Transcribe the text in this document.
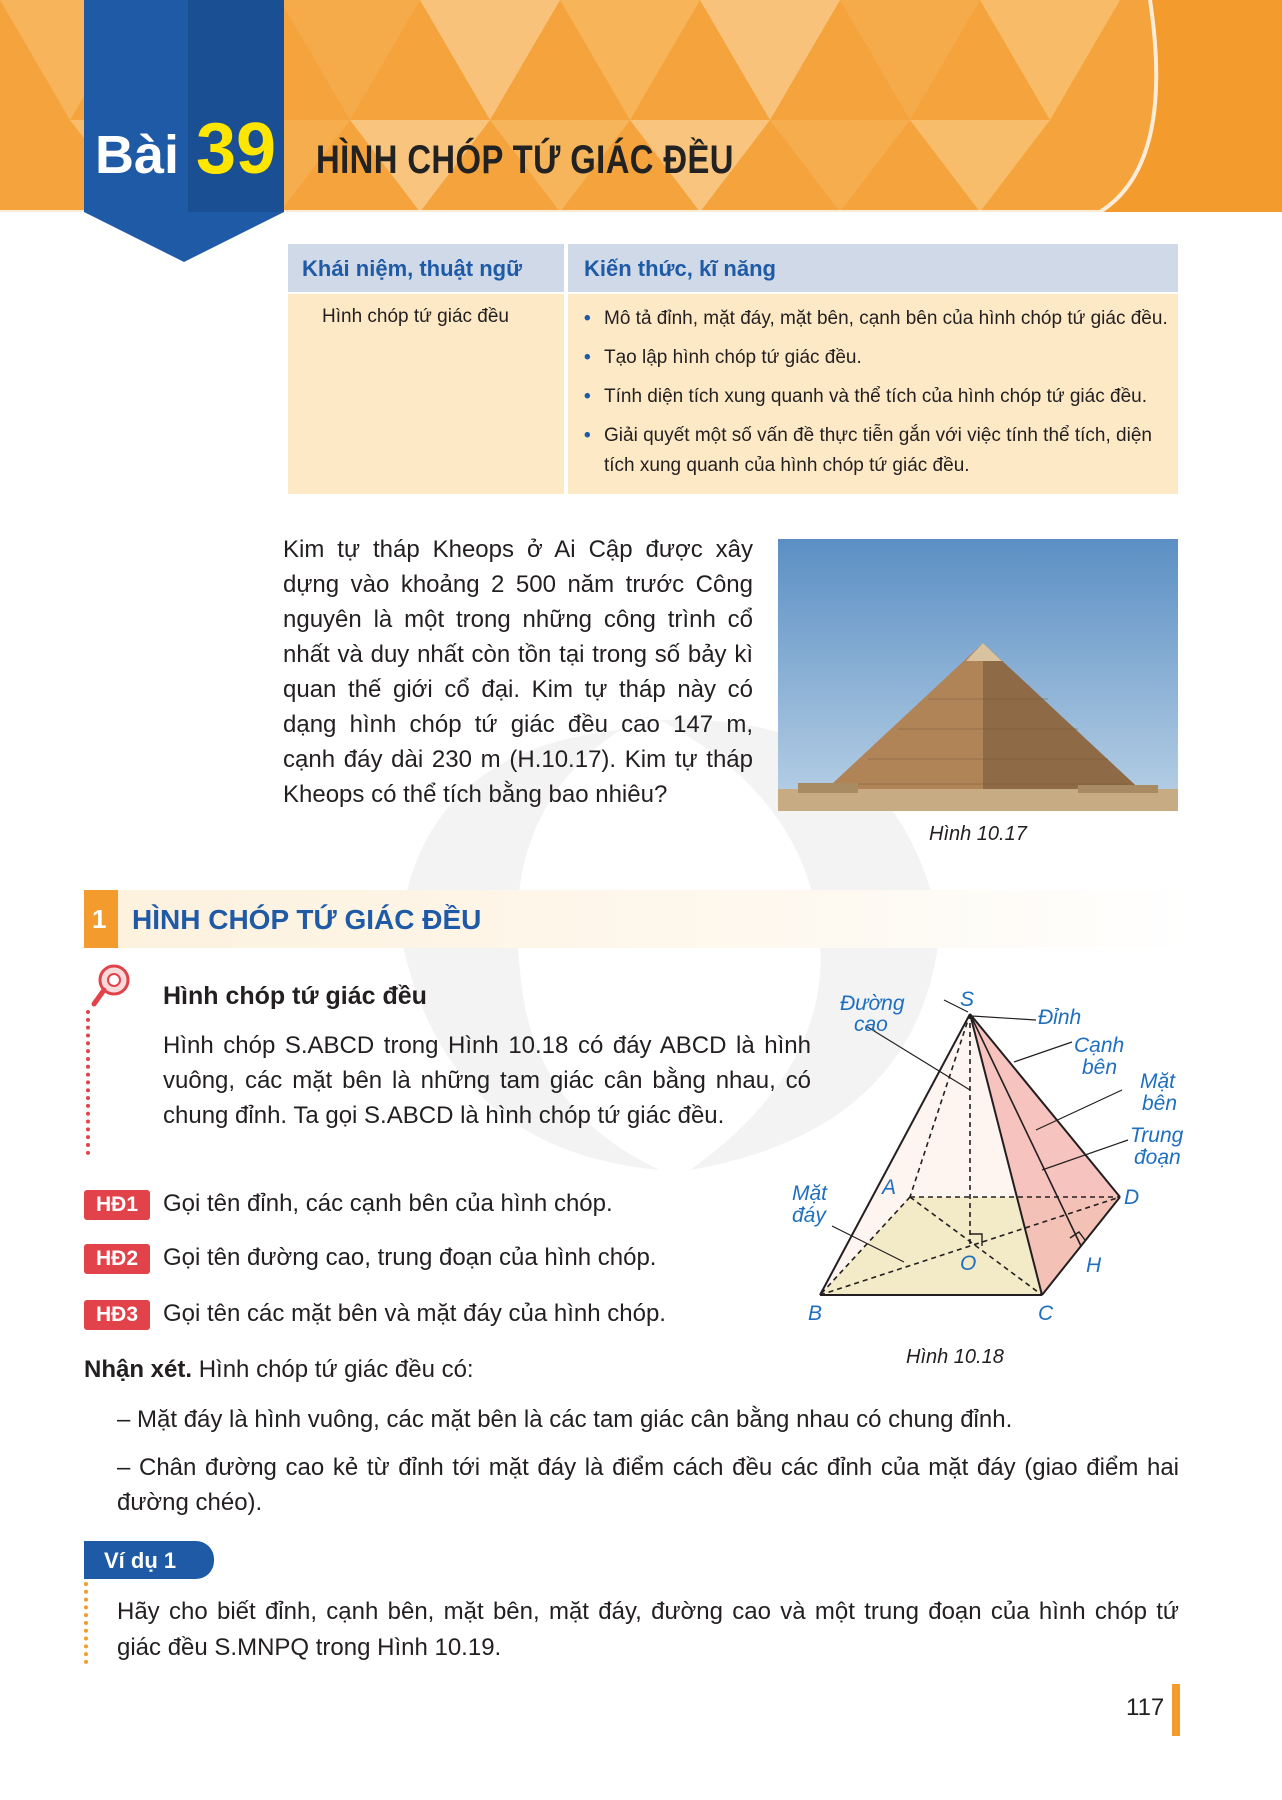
Bài 39 HÌNH CHÓP TỨ GIÁC ĐỀU
Khái niệm, thuật ngữ	Kiến thức, kĩ năng
Hình chóp tứ giác đều	• Mô tả đỉnh, mặt đáy, mặt bên, cạnh bên của hình chóp tứ giác đều.
• Tạo lập hình chóp tứ giác đều.
• Tính diện tích xung quanh và thể tích của hình chóp tứ giác đều.
• Giải quyết một số vấn đề thực tiễn gắn với việc tính thể tích, diện tích xung quanh của hình chóp tứ giác đều.
Kim tự tháp Kheops ở Ai Cập được xây dựng vào khoảng 2 500 năm trước Công nguyên là một trong những công trình cổ nhất và duy nhất còn tồn tại trong số bảy kì quan thế giới cổ đại. Kim tự tháp này có dạng hình chóp tứ giác đều cao 147 m, cạnh đáy dài 230 m (H.10.17). Kim tự tháp Kheops có thể tích bằng bao nhiêu?
Hình 10.17
1 HÌNH CHÓP TỨ GIÁC ĐỀU
Hình chóp tứ giác đều
Hình chóp S.ABCD trong Hình 10.18 có đáy ABCD là hình vuông, các mặt bên là những tam giác cân bằng nhau, có chung đỉnh. Ta gọi S.ABCD là hình chóp tứ giác đều.
HĐ1	Gọi tên đỉnh, các cạnh bên của hình chóp.
HĐ2	Gọi tên đường cao, trung đoạn của hình chóp.
HĐ3	Gọi tên các mặt bên và mặt đáy của hình chóp.
Đường
cao	Đỉnh
Cạnh
bên
Mặt
bên
Trung
đoạn
Mặt
đáy
S
A
B	C
D
O	H
Hình 10.18
Nhận xét. Hình chóp tứ giác đều có:
– Mặt đáy là hình vuông, các mặt bên là các tam giác cân bằng nhau có chung đỉnh.
– Chân đường cao kẻ từ đỉnh tới mặt đáy là điểm cách đều các đỉnh của mặt đáy (giao điểm hai đường chéo).
Ví dụ 1
Hãy cho biết đỉnh, cạnh bên, mặt bên, mặt đáy, đường cao và một trung đoạn của hình chóp tứ giác đều S.MNPQ trong Hình 10.19.
117
